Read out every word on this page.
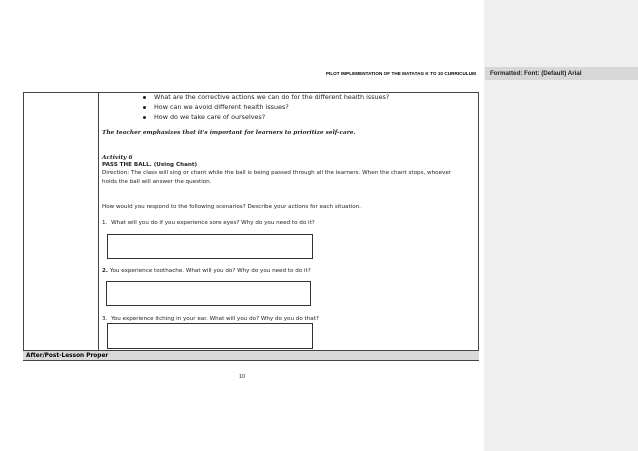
PILOT IMPLEMENTATION OF THE MATATAG K TO 10 CURRICULUM
What are the corrective actions we can do for the different health issues?
How can we avoid different health issues?
How do we take care of ourselves?
The teacher emphasizes that it's important for learners to prioritize self-care.
Activity 6
PASS THE BALL. (Using Chant)
Direction: The class will sing or chant while the ball is being passed through all the learners. When the chant stops, whoever
holds the ball will answer the question.
How would you respond to the following scenarios? Describe your actions for each situation.
1. What will you do if you experience sore eyes? Why do you need to do it?
2. You experience toothache. What will you do? Why do you need to do it?
3. You experience itching in your ear. What will you do? Why do you do that?
After/Post-Lesson Proper
10
Formatted: Font: (Default) Arial
